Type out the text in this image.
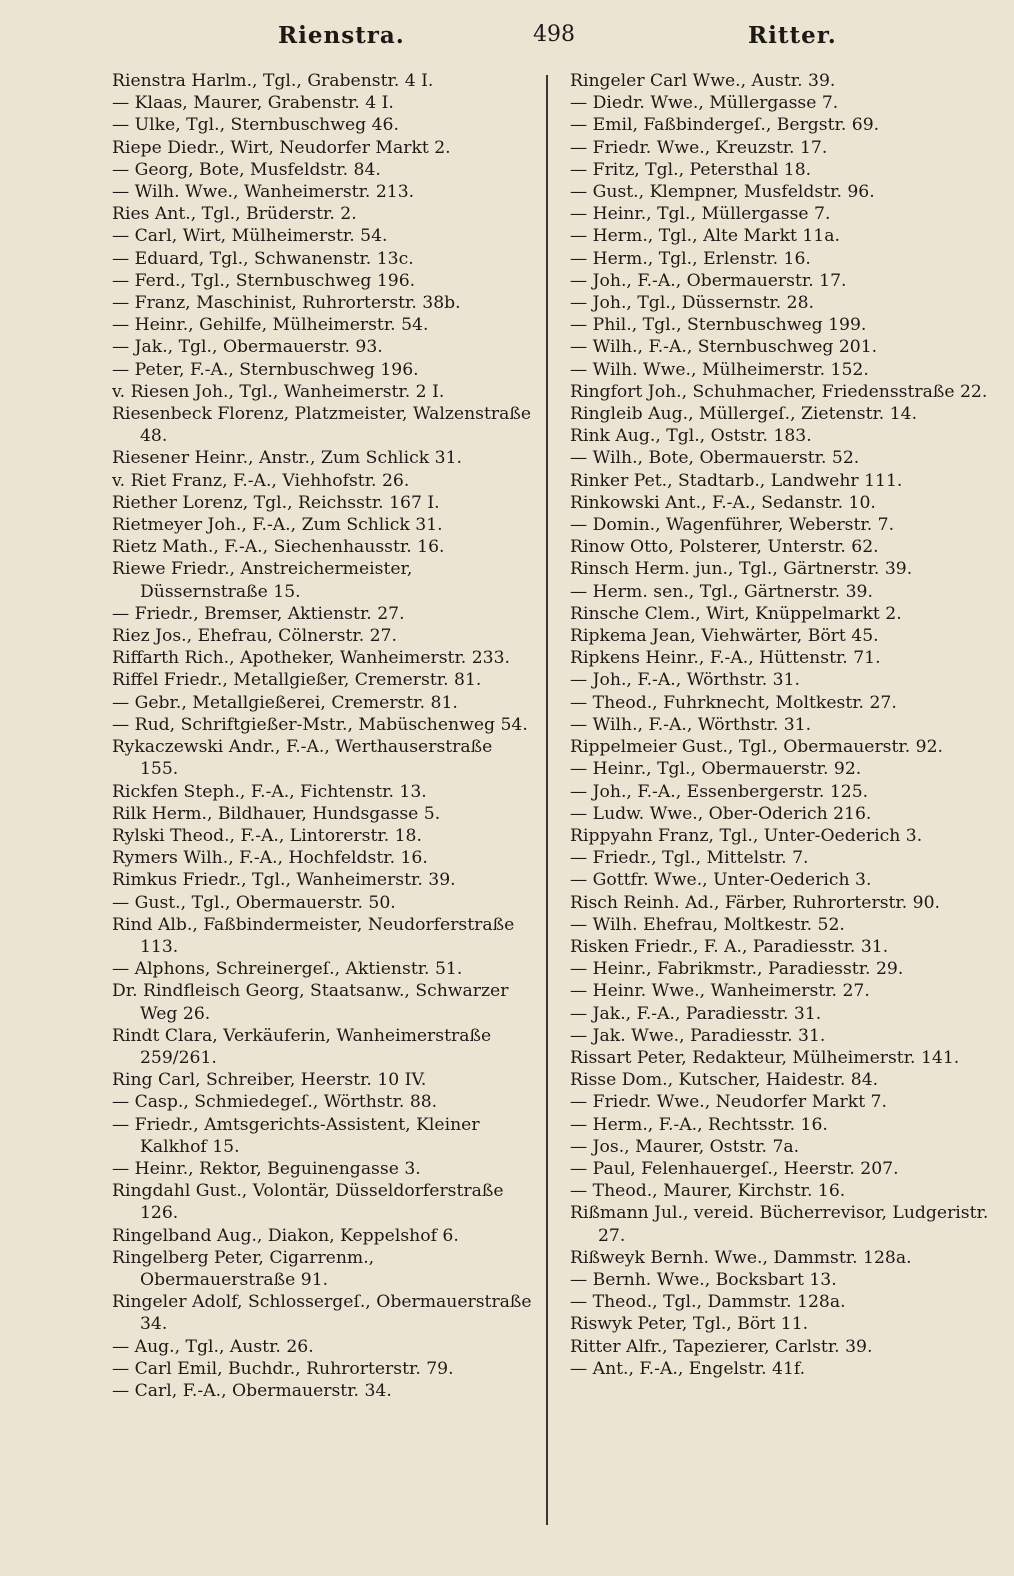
Rienstra.	498	Ritter.

Rienstra Harlm., Tgl., Grabenstr. 4 I.

— Klaas, Maurer, Grabenstr. 4 I.

— Ulke, Tgl., Sternbuschweg 46.

Riepe Diedr., Wirt, Neudorfer Markt 2.

— Georg, Bote, Musfeldstr. 84.

— Wilh. Wwe., Wanheimerstr. 213.

Ries Ant., Tgl., Brüderstr. 2.

— Carl, Wirt, Mülheimerstr. 54.

— Eduard, Tgl., Schwanenstr. 13c.

— Ferd., Tgl., Sternbuschweg 196.

— Franz, Maschinist, Ruhrorterstr. 38b.

— Heinr., Gehilfe, Mülheimerstr. 54.

— Jak., Tgl., Obermauerstr. 93.

— Peter, F.-A., Sternbuschweg 196.

v. Riesen Joh., Tgl., Wanheimerstr. 2 I.

Riesenbeck Florenz, Platzmeister, Walzenstraße 48.

Riesener Heinr., Anstr., Zum Schlick 31.

v. Riet Franz, F.-A., Viehhofstr. 26.

Riether Lorenz, Tgl., Reichsstr. 167 I.

Rietmeyer Joh., F.-A., Zum Schlick 31.

Rietz Math., F.-A., Siechenhausstr. 16.

Riewe Friedr., Anstreichermeister, Düssernstraße 15.

— Friedr., Bremser, Aktienstr. 27.

Riez Jos., Ehefrau, Cölnerstr. 27.

Riffarth Rich., Apotheker, Wanheimerstr. 233.

Riffel Friedr., Metallgießer, Cremerstr. 81.

— Gebr., Metallgießerei, Cremerstr. 81.

— Rud, Schriftgießer-Mstr., Mabüschenweg 54.

Rykaczewski Andr., F.-A., Werthauserstraße 155.

Rickfen Steph., F.-A., Fichtenstr. 13.

Rilk Herm., Bildhauer, Hundsgasse 5.

Rylski Theod., F.-A., Lintorerstr. 18.

Rymers Wilh., F.-A., Hochfeldstr. 16.

Rimkus Friedr., Tgl., Wanheimerstr. 39.

— Gust., Tgl., Obermauerstr. 50.

Rind Alb., Faßbindermeister, Neudorferstraße 113.

— Alphons, Schreinergeſ., Aktienstr. 51.

Dr. Rindfleisch Georg, Staatsanw., Schwarzer Weg 26.

Rindt Clara, Verkäuferin, Wanheimerstraße 259/261.

Ring Carl, Schreiber, Heerstr. 10 IV.

— Casp., Schmiedegeſ., Wörthstr. 88.

— Friedr., Amtsgerichts-Assistent, Kleiner Kalkhof 15.

— Heinr., Rektor, Beguinengasse 3.

Ringdahl Gust., Volontär, Düsseldorferstraße 126.

Ringelband Aug., Diakon, Keppelshof 6.

Ringelberg Peter, Cigarrenm., Obermauerstraße 91.

Ringeler Adolf, Schlossergeſ., Obermauerstraße 34.

— Aug., Tgl., Austr. 26.

— Carl Emil, Buchdr., Ruhrorterstr. 79.

— Carl, F.-A., Obermauerstr. 34.

Ringeler Carl Wwe., Austr. 39.

— Diedr. Wwe., Müllergasse 7.

— Emil, Faßbindergeſ., Bergstr. 69.

— Friedr. Wwe., Kreuzstr. 17.

— Fritz, Tgl., Petersthal 18.

— Gust., Klempner, Musfeldstr. 96.

— Heinr., Tgl., Müllergasse 7.

— Herm., Tgl., Alte Markt 11a.

— Herm., Tgl., Erlenstr. 16.

— Joh., F.-A., Obermauerstr. 17.

— Joh., Tgl., Düssernstr. 28.

— Phil., Tgl., Sternbuschweg 199.

— Wilh., F.-A., Sternbuschweg 201.

— Wilh. Wwe., Mülheimerstr. 152.

Ringfort Joh., Schuhmacher, Friedensstraße 22.

Ringleib Aug., Müllergeſ., Zietenstr. 14.

Rink Aug., Tgl., Oststr. 183.

— Wilh., Bote, Obermauerstr. 52.

Rinker Pet., Stadtarb., Landwehr 111.

Rinkowski Ant., F.-A., Sedanstr. 10.

— Domin., Wagenführer, Weberstr. 7.

Rinow Otto, Polsterer, Unterstr. 62.

Rinsch Herm. jun., Tgl., Gärtnerstr. 39.

— Herm. sen., Tgl., Gärtnerstr. 39.

Rinsche Clem., Wirt, Knüppelmarkt 2.

Ripkema Jean, Viehwärter, Bört 45.

Ripkens Heinr., F.-A., Hüttenstr. 71.

— Joh., F.-A., Wörthstr. 31.

— Theod., Fuhrknecht, Moltkestr. 27.

— Wilh., F.-A., Wörthstr. 31.

Rippelmeier Gust., Tgl., Obermauerstr. 92.

— Heinr., Tgl., Obermauerstr. 92.

— Joh., F.-A., Essenbergerstr. 125.

— Ludw. Wwe., Ober-Oderich 216.

Rippyahn Franz, Tgl., Unter-Oederich 3.

— Friedr., Tgl., Mittelstr. 7.

— Gottfr. Wwe., Unter-Oederich 3.

Risch Reinh. Ad., Färber, Ruhrorterstr. 90.

— Wilh. Ehefrau, Moltkestr. 52.

Risken Friedr., F. A., Paradiesstr. 31.

— Heinr., Fabrikmstr., Paradiesstr. 29.

— Heinr. Wwe., Wanheimerstr. 27.

— Jak., F.-A., Paradiesstr. 31.

— Jak. Wwe., Paradiesstr. 31.

Rissart Peter, Redakteur, Mülheimerstr. 141.

Risse Dom., Kutscher, Haidestr. 84.

— Friedr. Wwe., Neudorfer Markt 7.

— Herm., F.-A., Rechtsstr. 16.

— Jos., Maurer, Oststr. 7a.

— Paul, Felenhauergeſ., Heerstr. 207.

— Theod., Maurer, Kirchstr. 16.

Rißmann Jul., vereid. Bücherrevisor, Ludgeristr. 27.

Rißweyk Bernh. Wwe., Dammstr. 128a.

— Bernh. Wwe., Bocksbart 13.

— Theod., Tgl., Dammstr. 128a.

Riswyk Peter, Tgl., Bört 11.

Ritter Alfr., Tapezierer, Carlstr. 39.

— Ant., F.-A., Engelstr. 41f.
